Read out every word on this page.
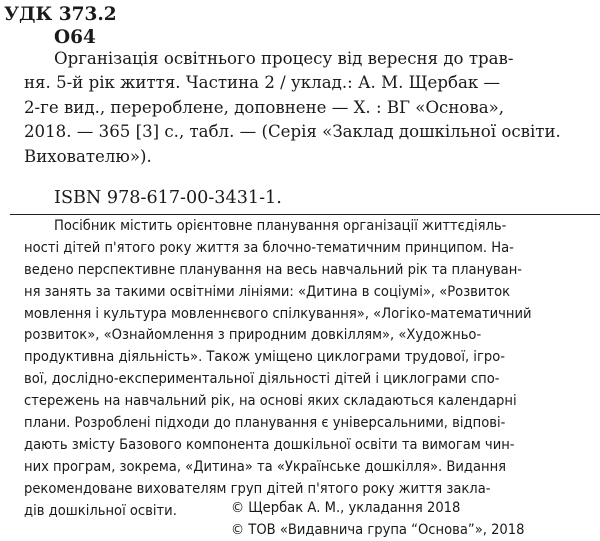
УДК 373.2
О64
Організація освітнього процесу від вересня до трав-
ня. 5-й рік життя. Частина 2 / уклад.: А. М. Щербак —
2-ге вид., перероблене, доповнене — Х. : ВГ «Основа»,
2018. — 365 [3] с., табл. — (Серія «Заклад дошкільної освіти.
Вихователю»).
ISBN 978-617-00-3431-1.
Посібник містить орієнтовне планування організації життєдіяль-
ності дітей п'ятого року життя за блочно-тематичним принципом. На-
ведено перспективне планування на весь навчальний рік та плануван-
ня занять за такими освітніми лініями: «Дитина в соціумі», «Розвиток
мовлення і культура мовленнєвого спілкування», «Логіко-математичний
розвиток», «Ознайомлення з природним довкіллям», «Художньо-
продуктивна діяльність». Також уміщено циклограми трудової, ігро-
вої, дослідно-експериментальної діяльності дітей і циклограми спо-
стережень на навчальний рік, на основі яких складаються календарні
плани. Розроблені підходи до планування є універсальними, відпові-
дають змісту Базового компонента дошкільної освіти та вимогам чин-
них програм, зокрема, «Дитина» та «Українське дошкілля». Видання
рекомендоване вихователям груп дітей п'ятого року життя закла-
дів дошкільної освіти.	© Щербак А. М., укладання 2018
© ТОВ «Видавнича група “Основа”», 2018
